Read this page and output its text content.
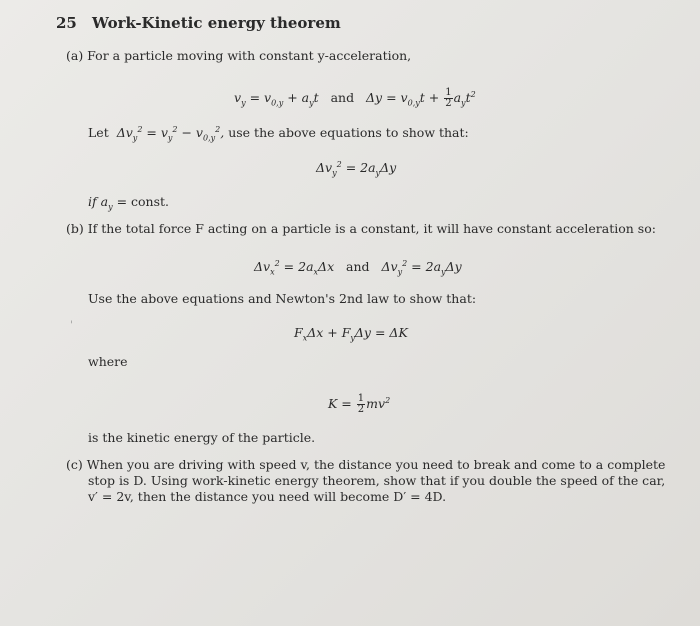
25 Work-Kinetic energy theorem
(a) For a particle moving with constant y-acceleration,
$v_y = v_{0,y} + a_yt$   and   $\Delta y = v_{0,y}t + \frac{1}{2} a_yt^2$
Let  $\Delta v_y^2 = v_y^2 - v_{0,y}^2$, use the above equations to show that:
$\Delta v_y^2 = 2a_y\Delta y$
if $a_y$ = const.
(b) If the total force F acting on a particle is a constant, it will have constant acceleration so:
$\Delta v_x^2 = 2a_x\Delta x$   and   $\Delta v_y^2 = 2a_y\Delta y$
Use the above equations and Newton's 2nd law to show that:
$F_x\Delta x + F_y\Delta y = \Delta K$
'
where
$K = \frac{1}{2} mv^2$
is the kinetic energy of the particle.
(c) When you are driving with speed v, the distance you need to break and come to a complete
stop is D. Using work-kinetic energy theorem, show that if you double the speed of the car,
v′ = 2v, then the distance you need will become D′ = 4D.
